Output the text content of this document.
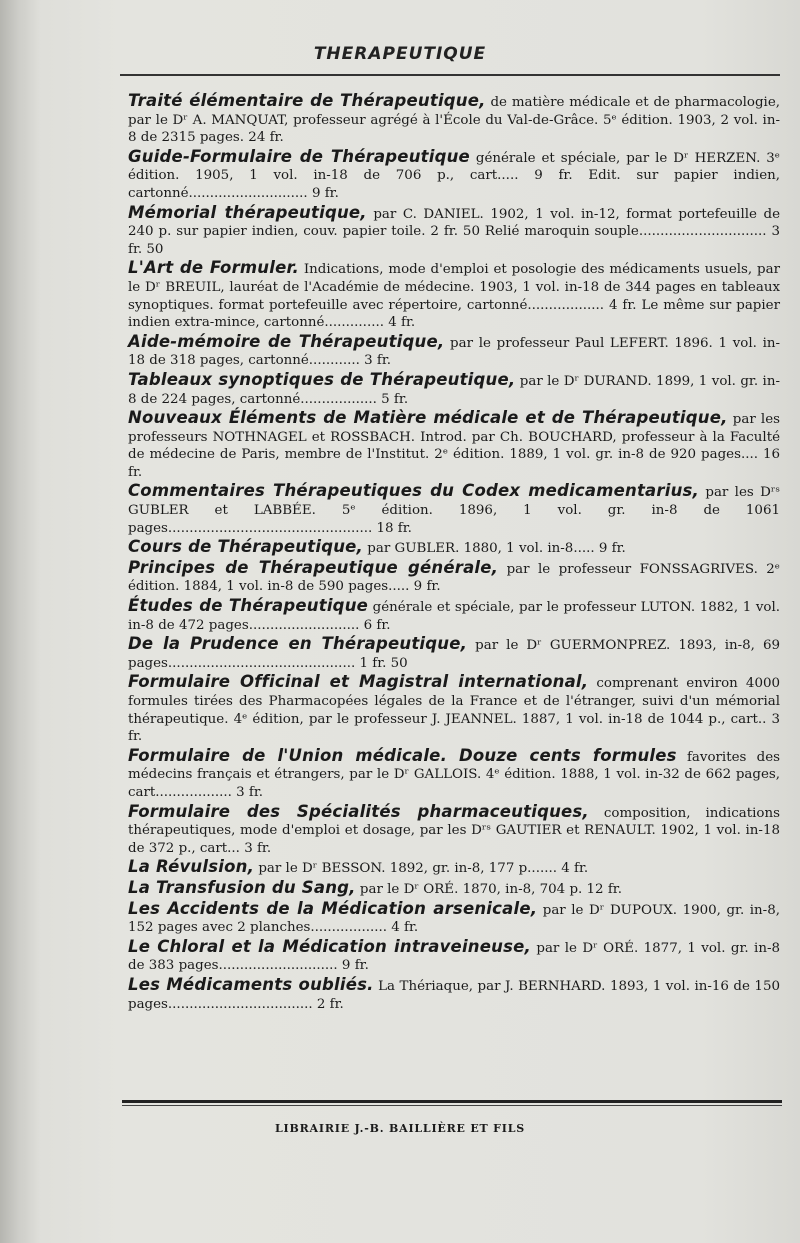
THERAPEUTIQUE
Traité élémentaire de Thérapeutique, de matière médicale et de pharmacologie, par le Dʳ A. MANQUAT, professeur agrégé à l'École du Val-de-Grâce. 5ᵉ édition. 1903, 2 vol. in-8 de 2315 pages. 24 fr.
Guide-Formulaire de Thérapeutique générale et spéciale, par le Dʳ HERZEN. 3ᵉ édition. 1905, 1 vol. in-18 de 706 p., cart..... 9 fr. Edit. sur papier indien, cartonné............................ 9 fr.
Mémorial thérapeutique, par C. DANIEL. 1902, 1 vol. in-12, format portefeuille de 240 p. sur papier indien, couv. papier toile. 2 fr. 50 Relié maroquin souple.............................. 3 fr. 50
L'Art de Formuler. Indications, mode d'emploi et posologie des médicaments usuels, par le Dʳ BREUIL, lauréat de l'Académie de médecine. 1903, 1 vol. in-18 de 344 pages en tableaux synoptiques. format portefeuille avec répertoire, cartonné.................. 4 fr. Le même sur papier indien extra-mince, cartonné.............. 4 fr.
Aide-mémoire de Thérapeutique, par le professeur Paul LEFERT. 1896. 1 vol. in-18 de 318 pages, cartonné............ 3 fr.
Tableaux synoptiques de Thérapeutique, par le Dʳ DURAND. 1899, 1 vol. gr. in-8 de 224 pages, cartonné.................. 5 fr.
Nouveaux Éléments de Matière médicale et de Thérapeutique, par les professeurs NOTHNAGEL et ROSSBACH. Introd. par Ch. BOUCHARD, professeur à la Faculté de médecine de Paris, membre de l'Institut. 2ᵉ édition. 1889, 1 vol. gr. in-8 de 920 pages.... 16 fr.
Commentaires Thérapeutiques du Codex medicamentarius, par les Dʳˢ GUBLER et LABBÉE. 5ᵉ édition. 1896, 1 vol. gr. in-8 de 1061 pages................................................ 18 fr.
Cours de Thérapeutique, par GUBLER. 1880, 1 vol. in-8..... 9 fr.
Principes de Thérapeutique générale, par le professeur FONSSAGRIVES. 2ᵉ édition. 1884, 1 vol. in-8 de 590 pages..... 9 fr.
Études de Thérapeutique générale et spéciale, par le professeur LUTON. 1882, 1 vol. in-8 de 472 pages.......................... 6 fr.
De la Prudence en Thérapeutique, par le Dʳ GUERMONPREZ. 1893, in-8, 69 pages............................................ 1 fr. 50
Formulaire Officinal et Magistral international, comprenant environ 4000 formules tirées des Pharmacopées légales de la France et de l'étranger, suivi d'un mémorial thérapeutique. 4ᵉ édition, par le professeur J. JEANNEL. 1887, 1 vol. in-18 de 1044 p., cart.. 3 fr.
Formulaire de l'Union médicale. Douze cents formules favorites des médecins français et étrangers, par le Dʳ GALLOIS. 4ᵉ édition. 1888, 1 vol. in-32 de 662 pages, cart.................. 3 fr.
Formulaire des Spécialités pharmaceutiques, composition, indications thérapeutiques, mode d'emploi et dosage, par les Dʳˢ GAUTIER et RENAULT. 1902, 1 vol. in-18 de 372 p., cart... 3 fr.
La Révulsion, par le Dʳ BESSON. 1892, gr. in-8, 177 p....... 4 fr.
La Transfusion du Sang, par le Dʳ ORÉ. 1870, in-8, 704 p. 12 fr.
Les Accidents de la Médication arsenicale, par le Dʳ DUPOUX. 1900, gr. in-8, 152 pages avec 2 planches.................. 4 fr.
Le Chloral et la Médication intraveineuse, par le Dʳ ORÉ. 1877, 1 vol. gr. in-8 de 383 pages............................ 9 fr.
Les Médicaments oubliés. La Thériaque, par J. BERNHARD. 1893, 1 vol. in-16 de 150 pages.................................. 2 fr.
LIBRAIRIE J.-B. BAILLIÈRE ET FILS
